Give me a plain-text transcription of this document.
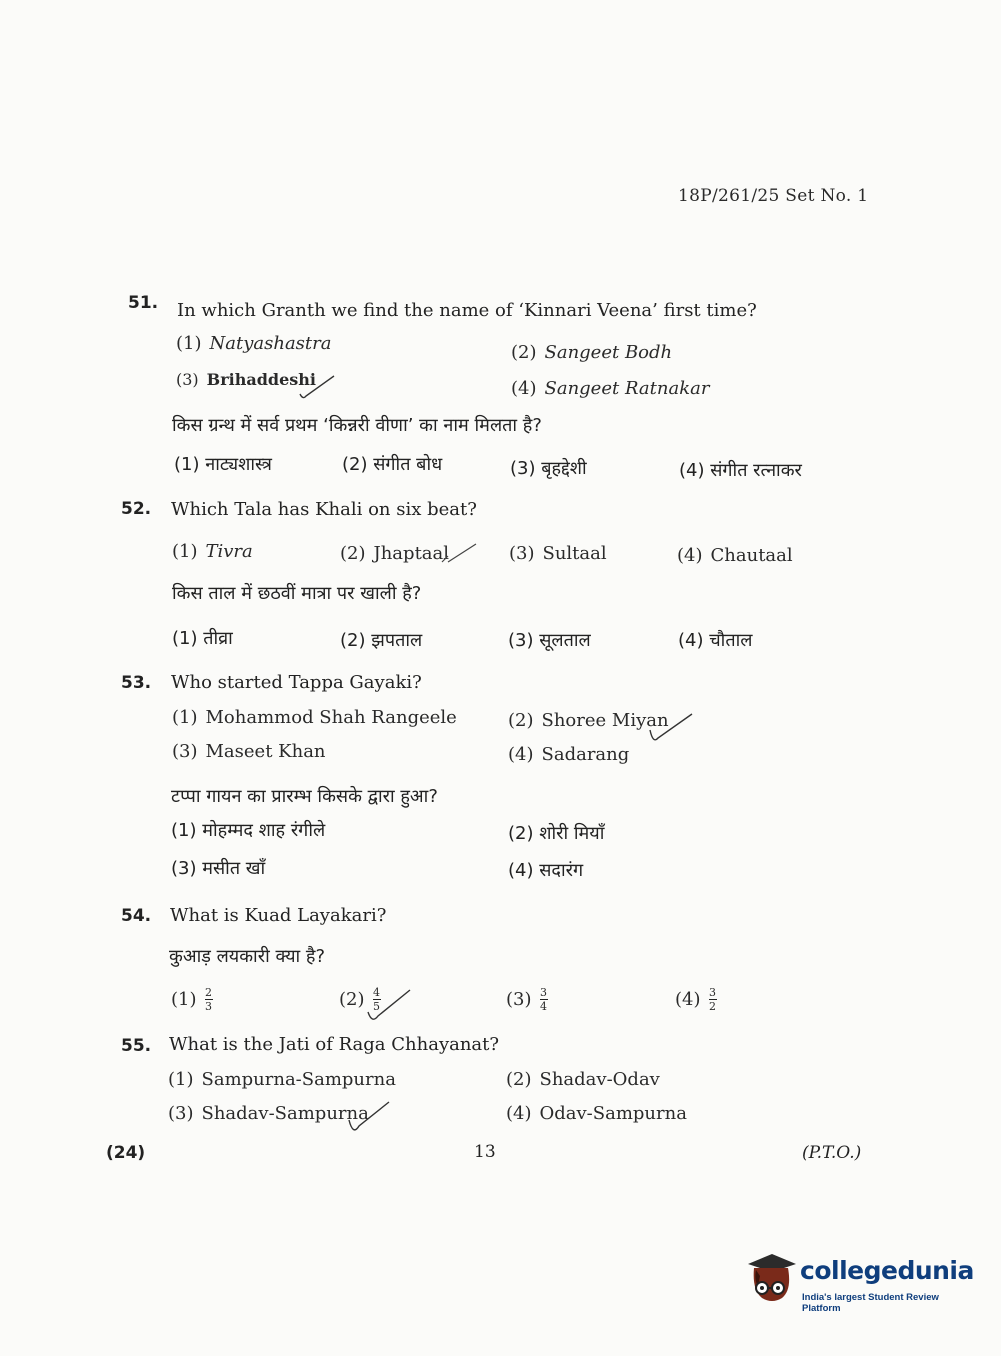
18P/261/25 Set No. 1
51. In which Granth we find the name of ‘Kinnari Veena’ first time?
(1) Natyashastra	(2) Sangeet Bodh
(3) Brihaddeshi	(4) Sangeet Ratnakar
किस ग्रन्थ में सर्व प्रथम ‘किन्नरी वीणा’ का नाम मिलता है?
(1) नाट्यशास्त्र	(2) संगीत बोध	(3) बृहद्देशी	(4) संगीत रत्नाकर
52. Which Tala has Khali on six beat?
(1) Tivra	(2) Jhaptaal	(3) Sultaal	(4) Chautaal
किस ताल में छठवीं मात्रा पर खाली है?
(1) तीव्रा	(2) झपताल	(3) सूलताल	(4) चौताल
53. Who started Tappa Gayaki?
(1) Mohammod Shah Rangeele	(2) Shoree Miyan
(3) Maseet Khan	(4) Sadarang
टप्पा गायन का प्रारम्भ किसके द्वारा हुआ?
(1) मोहम्मद शाह रंगीले	(2) शोरी मियाँ
(3) मसीत खाँ	(4) सदारंग
54. What is Kuad Layakari?
कुआड़ लयकारी क्या है?
$(1) \frac{2}{3}$	$(2) \frac{4}{5}$	$(3) \frac{3}{4}$	$(4) \frac{3}{2}$
55. What is the Jati of Raga Chhayanat?
(1) Sampurna-Sampurna	(2) Shadav-Odav
(3) Shadav-Sampurna	(4) Odav-Sampurna
(24)	13	(P.T.O.)
collegedunia
India's largest Student Review Platform
